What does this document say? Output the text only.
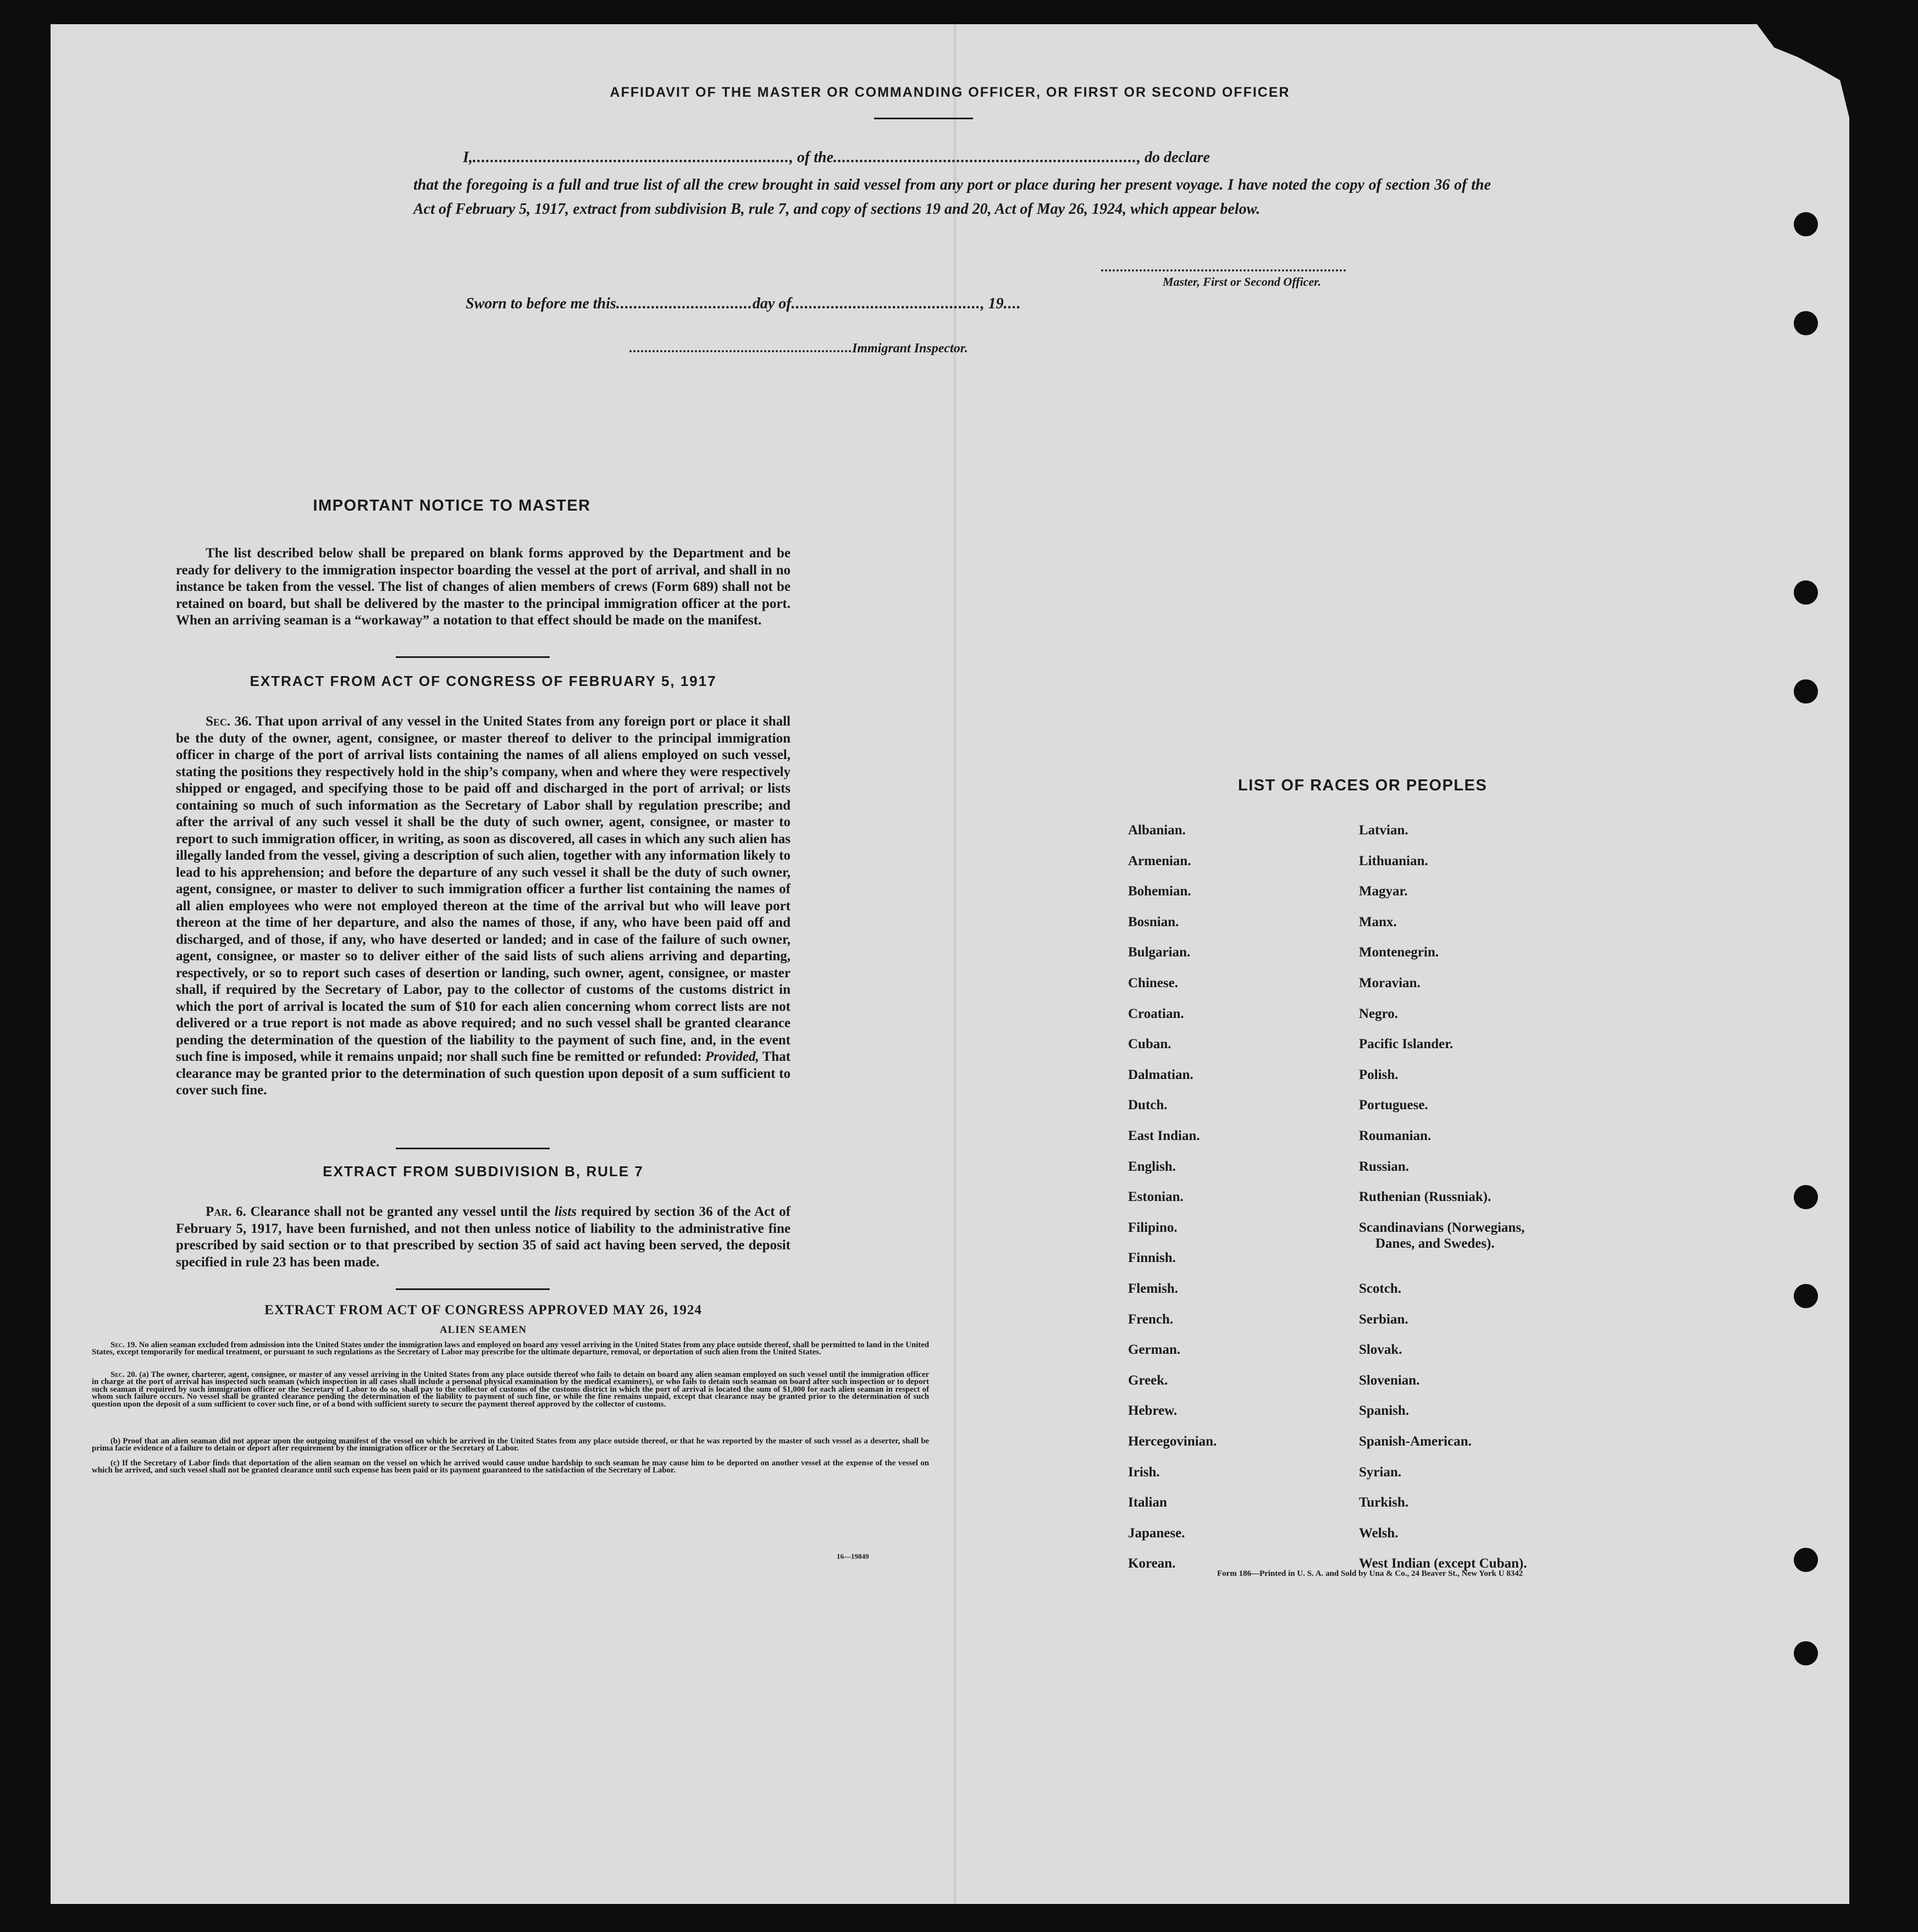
AFFIDAVIT OF THE MASTER OR COMMANDING OFFICER, OR FIRST OR SECOND OFFICER
I,........................................................................, of the....................................................................., do declare
that the foregoing is a full and true list of all the crew brought in said vessel from any port or place during her present voyage. I have noted the copy of section 36 of the Act of February 5, 1917, extract from subdivision B, rule 7, and copy of sections 19 and 20, Act of May 26, 1924, which appear below.
................................................................
Master, First or Second Officer.
Sworn to before me this...............................day of..........................................., 19....
..........................................................Immigrant Inspector.
IMPORTANT NOTICE TO MASTER
The list described below shall be prepared on blank forms approved by the Department and be ready for delivery to the immigration inspector boarding the vessel at the port of arrival, and shall in no instance be taken from the vessel. The list of changes of alien members of crews (Form 689) shall not be retained on board, but shall be delivered by the master to the principal immigration officer at the port. When an arriving seaman is a “workaway” a notation to that effect should be made on the manifest.
EXTRACT FROM ACT OF CONGRESS OF FEBRUARY 5, 1917
Sec. 36. That upon arrival of any vessel in the United States from any foreign port or place it shall be the duty of the owner, agent, consignee, or master thereof to deliver to the principal immigration officer in charge of the port of arrival lists containing the names of all aliens employed on such vessel, stating the positions they respectively hold in the ship’s company, when and where they were respectively shipped or engaged, and specifying those to be paid off and discharged in the port of arrival; or lists containing so much of such information as the Secretary of Labor shall by regulation prescribe; and after the arrival of any such vessel it shall be the duty of such owner, agent, consignee, or master to report to such immigration officer, in writing, as soon as discovered, all cases in which any such alien has illegally landed from the vessel, giving a description of such alien, together with any information likely to lead to his apprehension; and before the departure of any such vessel it shall be the duty of such owner, agent, consignee, or master to deliver to such immigration officer a further list containing the names of all alien employees who were not employed thereon at the time of the arrival but who will leave port thereon at the time of her departure, and also the names of those, if any, who have been paid off and discharged, and of those, if any, who have deserted or landed; and in case of the failure of such owner, agent, consignee, or master so to deliver either of the said lists of such aliens arriving and departing, respectively, or so to report such cases of desertion or landing, such owner, agent, consignee, or master shall, if required by the Secretary of Labor, pay to the collector of customs of the customs district in which the port of arrival is located the sum of $10 for each alien concerning whom correct lists are not delivered or a true report is not made as above required; and no such vessel shall be granted clearance pending the determination of the question of the liability to the payment of such fine, and, in the event such fine is imposed, while it remains unpaid; nor shall such fine be remitted or refunded: Provided, That clearance may be granted prior to the determination of such question upon deposit of a sum sufficient to cover such fine.
EXTRACT FROM SUBDIVISION B, RULE 7
Par. 6. Clearance shall not be granted any vessel until the lists required by section 36 of the Act of February 5, 1917, have been furnished, and not then unless notice of liability to the administrative fine prescribed by said section or to that prescribed by section 35 of said act having been served, the deposit specified in rule 23 has been made.
EXTRACT FROM ACT OF CONGRESS APPROVED MAY 26, 1924
ALIEN SEAMEN
Sec. 19. No alien seaman excluded from admission into the United States under the immigration laws and employed on board any vessel arriving in the United States from any place outside thereof, shall be permitted to land in the United States, except temporarily for medical treatment, or pursuant to such regulations as the Secretary of Labor may prescribe for the ultimate departure, removal, or deportation of such alien from the United States.
Sec. 20. (a) The owner, charterer, agent, consignee, or master of any vessel arriving in the United States from any place outside thereof who fails to detain on board any alien seaman employed on such vessel until the immigration officer in charge at the port of arrival has inspected such seaman (which inspection in all cases shall include a personal physical examination by the medical examiners), or who fails to detain such seaman on board after such inspection or to deport such seaman if required by such immigration officer or the Secretary of Labor to do so, shall pay to the collector of customs of the customs district in which the port of arrival is located the sum of $1,000 for each alien seaman in respect of whom such failure occurs. No vessel shall be granted clearance pending the determination of the liability to payment of such fine, or while the fine remains unpaid, except that clearance may be granted prior to the determination of such question upon the deposit of a sum sufficient to cover such fine, or of a bond with sufficient surety to secure the payment thereof approved by the collector of customs.
(b) Proof that an alien seaman did not appear upon the outgoing manifest of the vessel on which he arrived in the United States from any place outside thereof, or that he was reported by the master of such vessel as a deserter, shall be prima facie evidence of a failure to detain or deport after requirement by the immigration officer or the Secretary of Labor.
(c) If the Secretary of Labor finds that deportation of the alien seaman on the vessel on which he arrived would cause undue hardship to such seaman he may cause him to be deported on another vessel at the expense of the vessel on which he arrived, and such vessel shall not be granted clearance until such expense has been paid or its payment guaranteed to the satisfaction of the Secretary of Labor.
16—19849
LIST OF RACES OR PEOPLES
Albanian.
Armenian.
Bohemian.
Bosnian.
Bulgarian.
Chinese.
Croatian.
Cuban.
Dalmatian.
Dutch.
East Indian.
English.
Estonian.
Filipino.
Finnish.
Flemish.
French.
German.
Greek.
Hebrew.
Hercegovinian.
Irish.
Italian
Japanese.
Korean.
Latvian.
Lithuanian.
Magyar.
Manx.
Montenegrin.
Moravian.
Negro.
Pacific Islander.
Polish.
Portuguese.
Roumanian.
Russian.
Ruthenian (Russniak).
Scandinavians (Norwegians,
Danes, and Swedes).
Scotch.
Serbian.
Slovak.
Slovenian.
Spanish.
Spanish-American.
Syrian.
Turkish.
Welsh.
West Indian (except Cuban).
Form 186—Printed in U. S. A. and Sold by Una & Co., 24 Beaver St., New York U 8342
